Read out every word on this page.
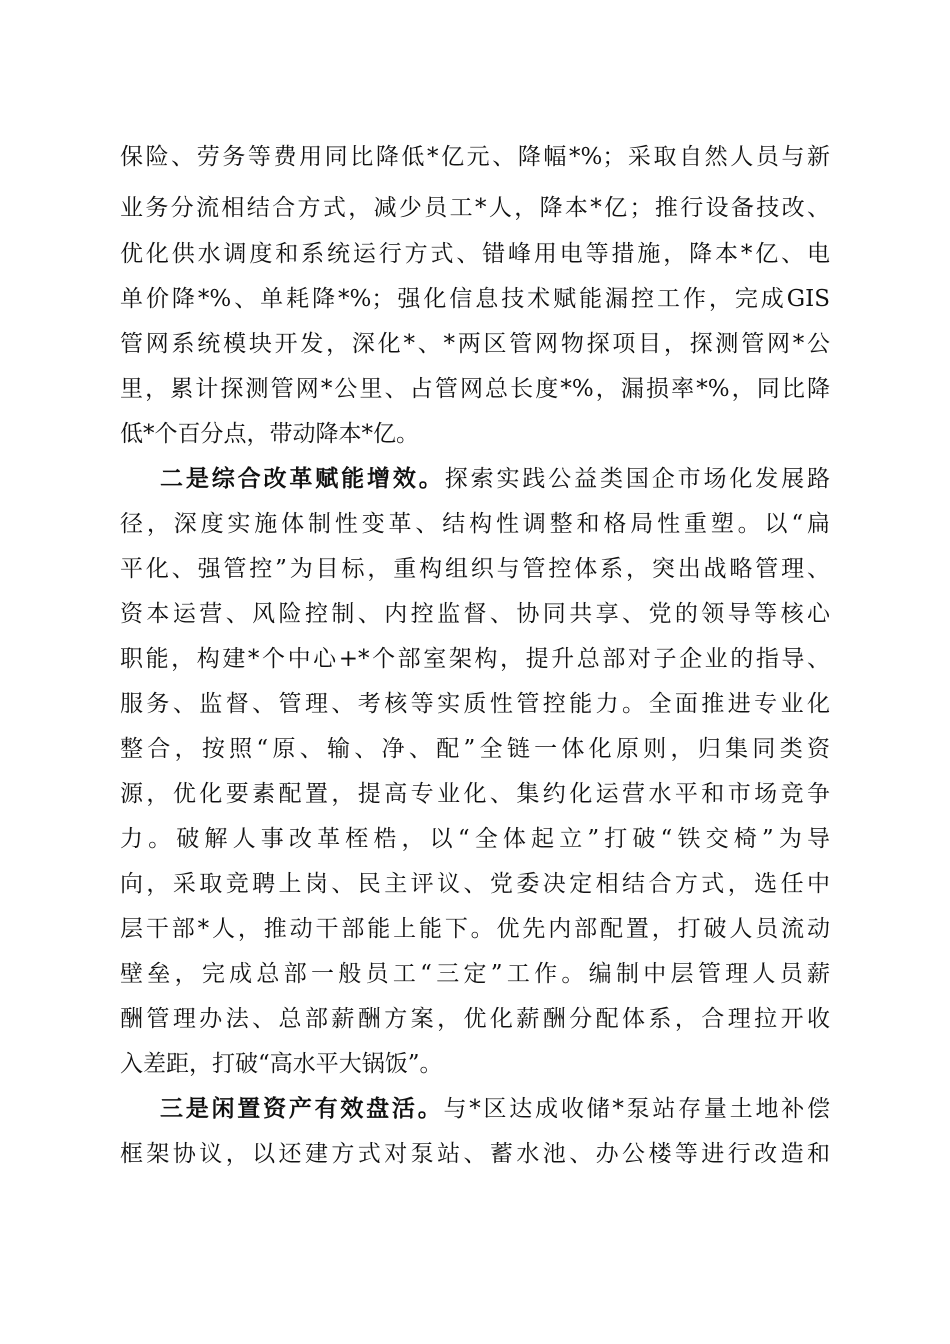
保险、劳务等费用同比降低*亿元、降幅*%；采取自然人员与新
业务分流相结合方式，减少员工*人，降本*亿；推行设备技改、
优化供水调度和系统运行方式、错峰用电等措施，降本*亿、电
单价降*%、单耗降*%；强化信息技术赋能漏控工作，完成GIS
管网系统模块开发，深化*、*两区管网物探项目，探测管网*公
里，累计探测管网*公里、占管网总长度*%，漏损率*%，同比降
低*个百分点，带动降本*亿。
二是综合改革赋能增效。探索实践公益类国企市场化发展路
径，深度实施体制性变革、结构性调整和格局性重塑。以“扁
平化、强管控”为目标，重构组织与管控体系，突出战略管理、
资本运营、风险控制、内控监督、协同共享、党的领导等核心
职能，构建*个中心+*个部室架构，提升总部对子企业的指导、
服务、监督、管理、考核等实质性管控能力。全面推进专业化
整合，按照“原、输、净、配”全链一体化原则，归集同类资
源，优化要素配置，提高专业化、集约化运营水平和市场竞争
力。破解人事改革桎梏，以“全体起立”打破“铁交椅”为导
向，采取竞聘上岗、民主评议、党委决定相结合方式，选任中
层干部*人，推动干部能上能下。优先内部配置，打破人员流动
壁垒，完成总部一般员工“三定”工作。编制中层管理人员薪
酬管理办法、总部薪酬方案，优化薪酬分配体系，合理拉开收
入差距，打破“高水平大锅饭”。
三是闲置资产有效盘活。与*区达成收储*泵站存量土地补偿
框架协议，以还建方式对泵站、蓄水池、办公楼等进行改造和
